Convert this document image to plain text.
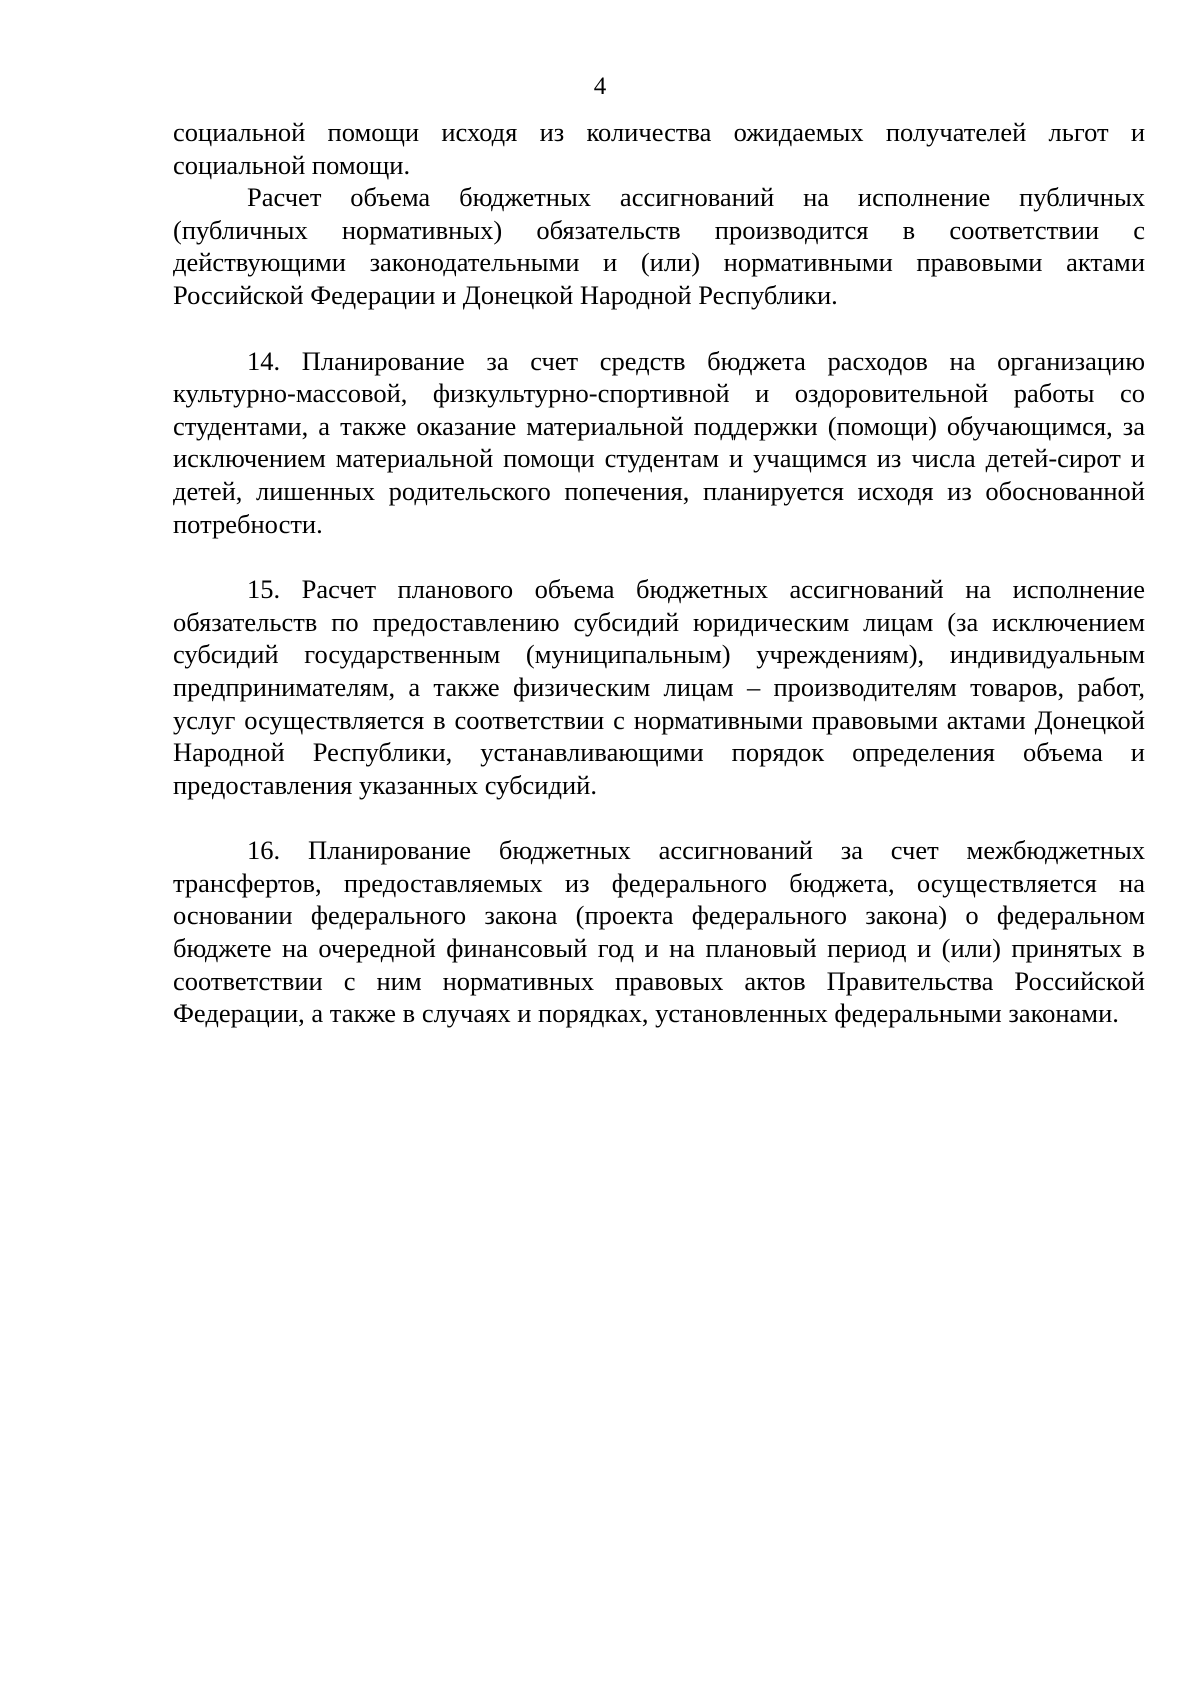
4

социальной помощи исходя из количества ожидаемых получателей льгот и социальной помощи.

Расчет объема бюджетных ассигнований на исполнение публичных (публичных нормативных) обязательств производится в соответствии с действующими законодательными и (или) нормативными правовыми актами Российской Федерации и Донецкой Народной Республики.

14. Планирование за счет средств бюджета расходов на организацию культурно-массовой, физкультурно-спортивной и оздоровительной работы со студентами, а также оказание материальной поддержки (помощи) обучающимся, за исключением материальной помощи студентам и учащимся из числа детей-сирот и детей, лишенных родительского попечения, планируется исходя из обоснованной потребности.

15. Расчет планового объема бюджетных ассигнований на исполнение обязательств по предоставлению субсидий юридическим лицам (за исключением субсидий государственным (муниципальным) учреждениям), индивидуальным предпринимателям, а также физическим лицам – производителям товаров, работ, услуг осуществляется в соответствии с нормативными правовыми актами Донецкой Народной Республики, устанавливающими порядок определения объема и предоставления указанных субсидий.

16. Планирование бюджетных ассигнований за счет межбюджетных трансфертов, предоставляемых из федерального бюджета, осуществляется на основании федерального закона (проекта федерального закона) о федеральном бюджете на очередной финансовый год и на плановый период и (или) принятых в соответствии с ним нормативных правовых актов Правительства Российской Федерации, а также в случаях и порядках, установленных федеральными законами.
